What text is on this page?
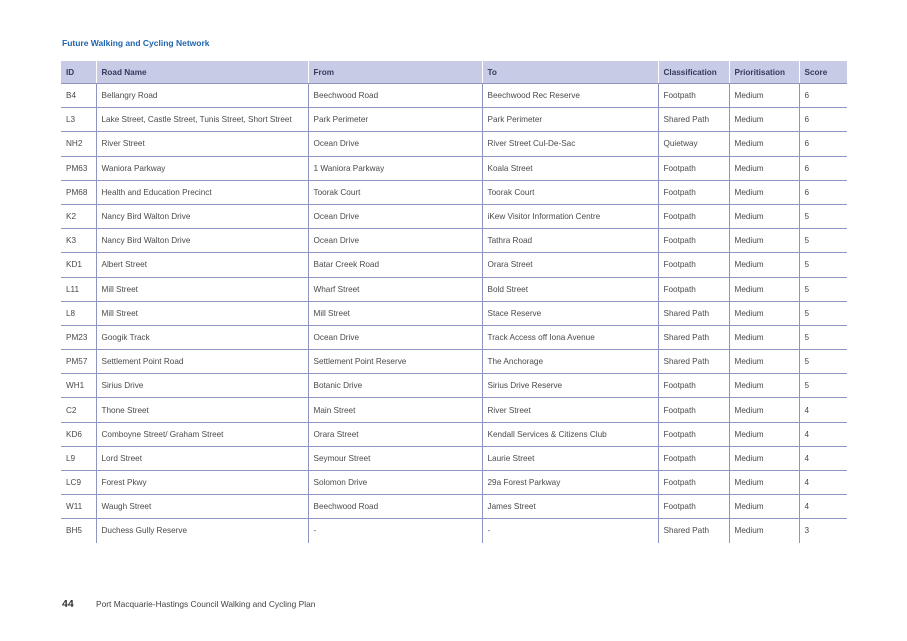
Future Walking and Cycling Network
ID	Road Name	From	To	Classification	Prioritisation	Score
B4	Bellangry Road	Beechwood Road	Beechwood Rec Reserve	Footpath	Medium	6
L3	Lake Street, Castle Street, Tunis Street, Short Street	Park Perimeter	Park Perimeter	Shared Path	Medium	6
NH2	River Street	Ocean Drive	River Street Cul-De-Sac	Quietway	Medium	6
PM63	Waniora Parkway	1 Waniora Parkway	Koala Street	Footpath	Medium	6
PM68	Health and Education Precinct	Toorak Court	Toorak Court	Footpath	Medium	6
K2	Nancy Bird Walton Drive	Ocean Drive	iKew Visitor Information Centre	Footpath	Medium	5
K3	Nancy Bird Walton Drive	Ocean Drive	Tathra Road	Footpath	Medium	5
KD1	Albert Street	Batar Creek Road	Orara Street	Footpath	Medium	5
L11	Mill Street	Wharf Street	Bold Street	Footpath	Medium	5
L8	Mill Street	Mill Street	Stace Reserve	Shared Path	Medium	5
PM23	Googik Track	Ocean Drive	Track Access off Iona Avenue	Shared Path	Medium	5
PM57	Settlement Point Road	Settlement Point Reserve	The Anchorage	Shared Path	Medium	5
WH1	Sirius Drive	Botanic Drive	Sirius Drive Reserve	Footpath	Medium	5
C2	Thone Street	Main Street	River Street	Footpath	Medium	4
KD6	Comboyne Street/ Graham Street	Orara Street	Kendall Services & Citizens Club	Footpath	Medium	4
L9	Lord Street	Seymour Street	Laurie Street	Footpath	Medium	4
LC9	Forest Pkwy	Solomon Drive	29a Forest Parkway	Footpath	Medium	4
W11	Waugh Street	Beechwood Road	James Street	Footpath	Medium	4
BH5	Duchess Gully Reserve	-	-	Shared Path	Medium	3
44	Port Macquarie-Hastings Council Walking and Cycling Plan
